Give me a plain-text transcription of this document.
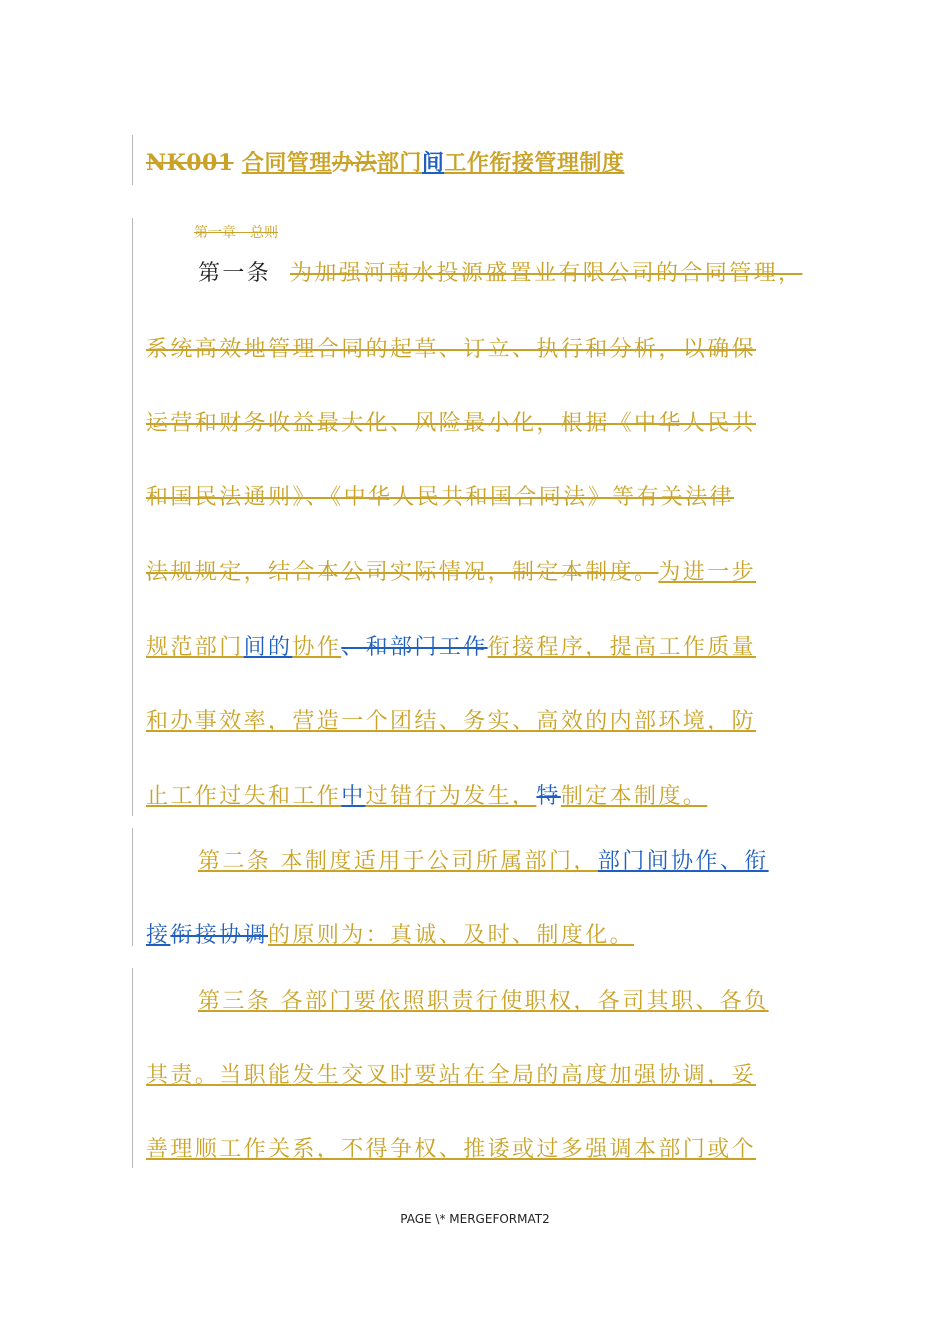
NK001 合同管理办法部门间工作衔接管理制度
第一章　总则
第一条 为加强河南水投源盛置业有限公司的合同管理，
系统高效地管理合同的起草、订立、执行和分析，以确保
运营和财务收益最大化、风险最小化，根据《中华人民共
和国民法通则》、《中华人民共和国合同法》等有关法律
法规规定，结合本公司实际情况，制定本制度。为进一步
规范部门间的协作、和部门工作衔接程序，提高工作质量
和办事效率，营造一个团结、务实、高效的内部环境，防
止工作过失和工作中过错行为发生，特制定本制度。
第二条 本制度适用于公司所属部门，部门间协作、衔
接衔接协调的原则为：真诚、及时、制度化。
第三条 各部门要依照职责行使职权，各司其职、各负
其责。当职能发生交叉时要站在全局的高度加强协调，妥
善理顺工作关系，不得争权、推诿或过多强调本部门或个
PAGE \* MERGEFORMAT2
